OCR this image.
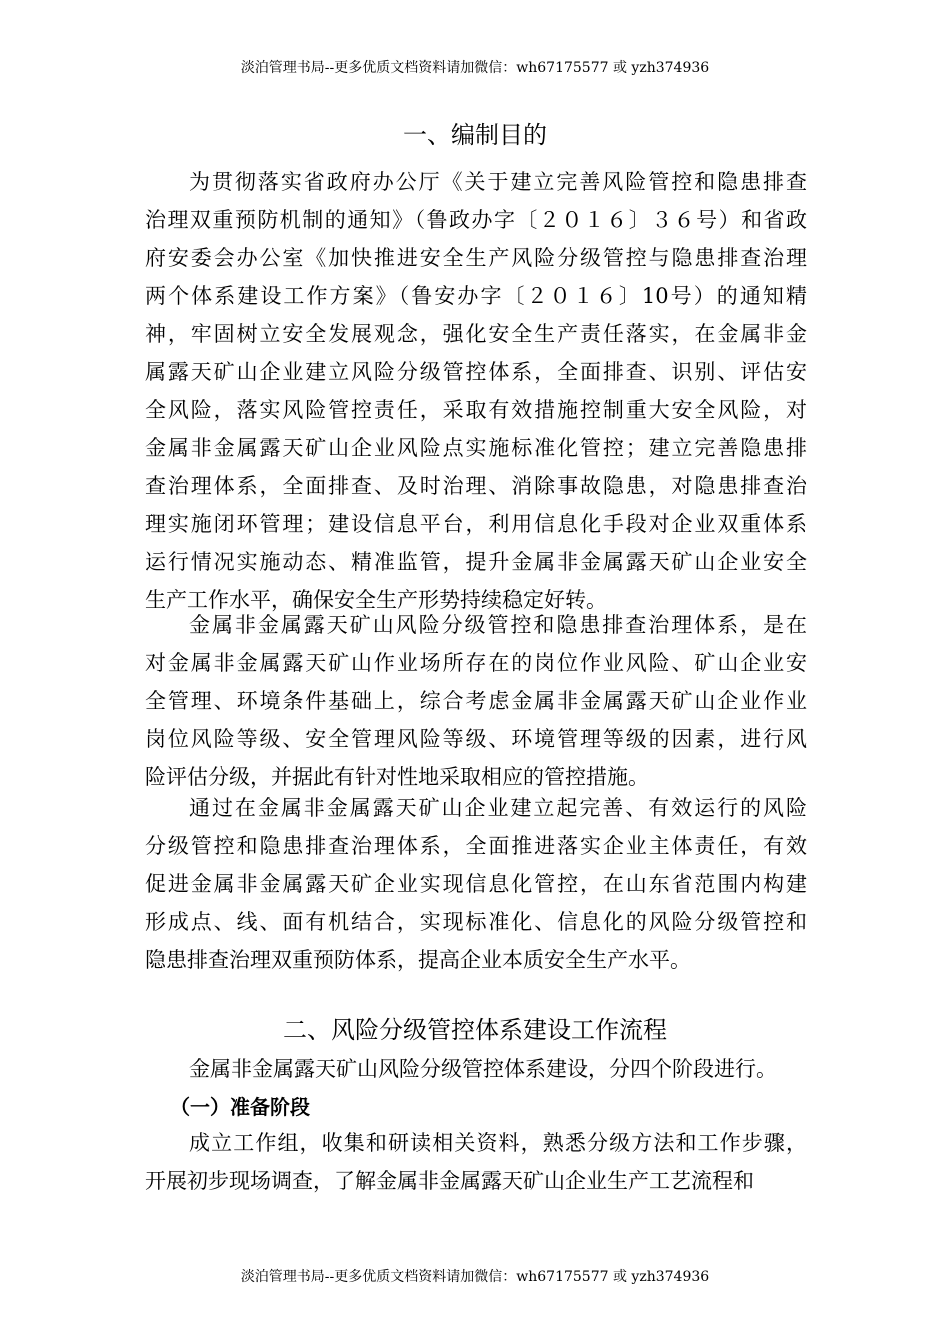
淡泊管理书局--更多优质文档资料请加微信：wh67175577 或 yzh374936
一、编制目的
为贯彻落实省政府办公厅《关于建立完善风险管控和隐患排查
治理双重预防机制的通知》（鲁政办字〔２０１６〕３６号）和省政
府安委会办公室《加快推进安全生产风险分级管控与隐患排查治理
两个体系建设工作方案》（鲁安办字〔２０１６〕10号）的通知精
神，牢固树立安全发展观念，强化安全生产责任落实，在金属非金
属露天矿山企业建立风险分级管控体系，全面排查、识别、评估安
全风险，落实风险管控责任，采取有效措施控制重大安全风险，对
金属非金属露天矿山企业风险点实施标准化管控；建立完善隐患排
查治理体系，全面排查、及时治理、消除事故隐患，对隐患排查治
理实施闭环管理；建设信息平台，利用信息化手段对企业双重体系
运行情况实施动态、精准监管，提升金属非金属露天矿山企业安全
生产工作水平，确保安全生产形势持续稳定好转。
金属非金属露天矿山风险分级管控和隐患排查治理体系，是在
对金属非金属露天矿山作业场所存在的岗位作业风险、矿山企业安
全管理、环境条件基础上，综合考虑金属非金属露天矿山企业作业
岗位风险等级、安全管理风险等级、环境管理等级的因素，进行风
险评估分级，并据此有针对性地采取相应的管控措施。
通过在金属非金属露天矿山企业建立起完善、有效运行的风险
分级管控和隐患排查治理体系，全面推进落实企业主体责任，有效
促进金属非金属露天矿企业实现信息化管控，在山东省范围内构建
形成点、线、面有机结合，实现标准化、信息化的风险分级管控和
隐患排查治理双重预防体系，提高企业本质安全生产水平。
二、风险分级管控体系建设工作流程
金属非金属露天矿山风险分级管控体系建设，分四个阶段进行。
（一）准备阶段
成立工作组，收集和研读相关资料，熟悉分级方法和工作步骤，
开展初步现场调查，了解金属非金属露天矿山企业生产工艺流程和
淡泊管理书局--更多优质文档资料请加微信：wh67175577 或 yzh374936
